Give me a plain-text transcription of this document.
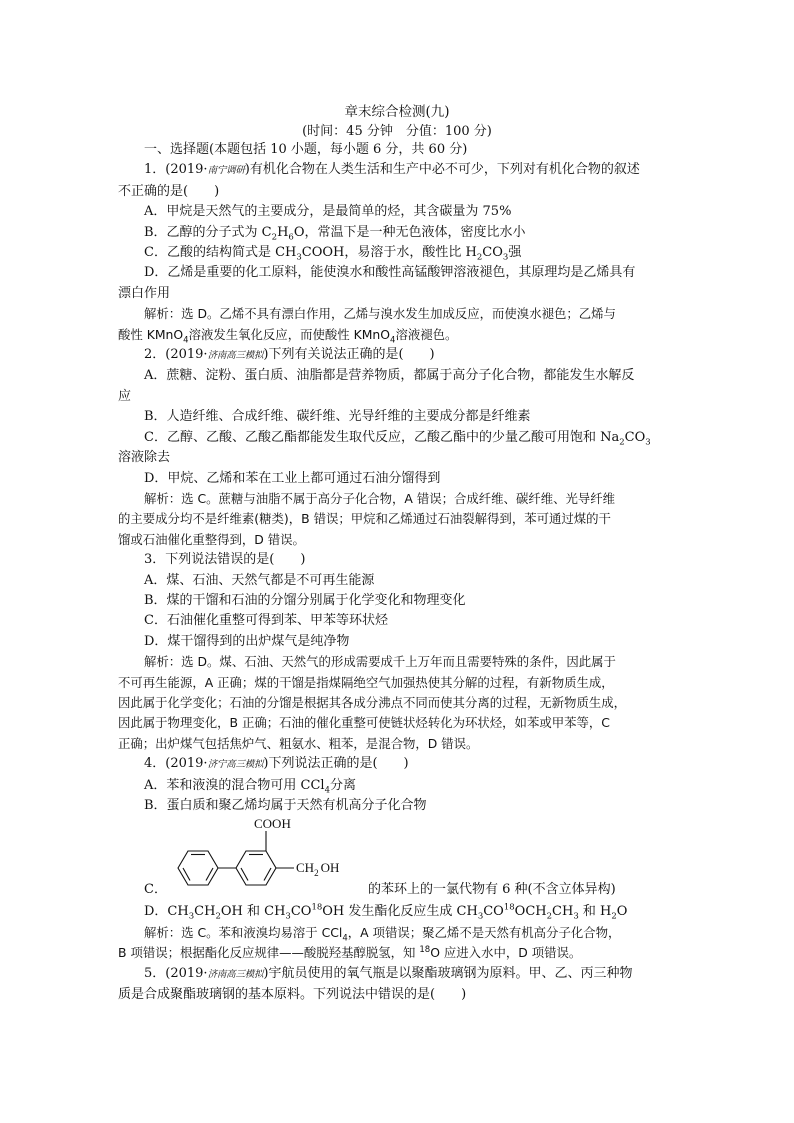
章末综合检测(九)
(时间：45 分钟　分值：100 分)

一、选择题(本题包括 10 小题，每小题 6 分，共 60 分)

1．(2019·南宁调研)有机化合物在人类生活和生产中必不可少，下列对有机化合物的叙述

不正确的是(　　)

A．甲烷是天然气的主要成分，是最简单的烃，其含碳量为 75%

B．乙醇的分子式为 $C_2H_6O$，常温下是一种无色液体，密度比水小

C．乙酸的结构简式是 $CH_3COOH$，易溶于水，酸性比 $H_2CO_3$强

D．乙烯是重要的化工原料，能使溴水和酸性高锰酸钾溶液褪色，其原理均是乙烯具有

漂白作用

解析：选 D。乙烯不具有漂白作用，乙烯与溴水发生加成反应，而使溴水褪色；乙烯与

酸性 KMnO$_4$溶液发生氧化反应，而使酸性 KMnO$_4$溶液褪色。

2．(2019·济南高三模拟)下列有关说法正确的是(　　)

A．蔗糖、淀粉、蛋白质、油脂都是营养物质，都属于高分子化合物，都能发生水解反

应

B．人造纤维、合成纤维、碳纤维、光导纤维的主要成分都是纤维素

C．乙醇、乙酸、乙酸乙酯都能发生取代反应，乙酸乙酯中的少量乙酸可用饱和 $Na_2CO_3$

溶液除去

D．甲烷、乙烯和苯在工业上都可通过石油分馏得到

解析：选 C。蔗糖与油脂不属于高分子化合物，A 错误；合成纤维、碳纤维、光导纤维

的主要成分均不是纤维素(糖类)，B 错误；甲烷和乙烯通过石油裂解得到，苯可通过煤的干

馏或石油催化重整得到，D 错误。

3．下列说法错误的是(　　)

A．煤、石油、天然气都是不可再生能源

B．煤的干馏和石油的分馏分别属于化学变化和物理变化

C．石油催化重整可得到苯、甲苯等环状烃

D．煤干馏得到的出炉煤气是纯净物

解析：选 D。煤、石油、天然气的形成需要成千上万年而且需要特殊的条件，因此属于

不可再生能源，A 正确；煤的干馏是指煤隔绝空气加强热使其分解的过程，有新物质生成，

因此属于化学变化；石油的分馏是根据其各成分沸点不同而使其分离的过程，无新物质生成，

因此属于物理变化，B 正确；石油的催化重整可使链状烃转化为环状烃，如苯或甲苯等，C

正确；出炉煤气包括焦炉气、粗氨水、粗苯，是混合物，D 错误。

4．(2019·济宁高三模拟)下列说法正确的是(　　)

A．苯和液溴的混合物可用 CCl$_4$分离

B．蛋白质和聚乙烯均属于天然有机高分子化合物

C．
COOH
$CH_2$ OH
的苯环上的一氯代物有 6 种(不含立体异构)

D．$CH_3CH_2OH$ 和 $CH_3CO^{18}OH$ 发生酯化反应生成 $CH_3CO^{18}OCH_2CH_3$ 和 $H_2O$

解析：选 C。苯和液溴均易溶于 CCl$_4$，A 项错误；聚乙烯不是天然有机高分子化合物，

B 项错误；根据酯化反应规律——酸脱羟基醇脱氢，知 $^{18}$O 应进入水中，D 项错误。

5．(2019·济南高三模拟)宇航员使用的氧气瓶是以聚酯玻璃钢为原料。甲、乙、丙三种物

质是合成聚酯玻璃钢的基本原料。下列说法中错误的是(　　)
